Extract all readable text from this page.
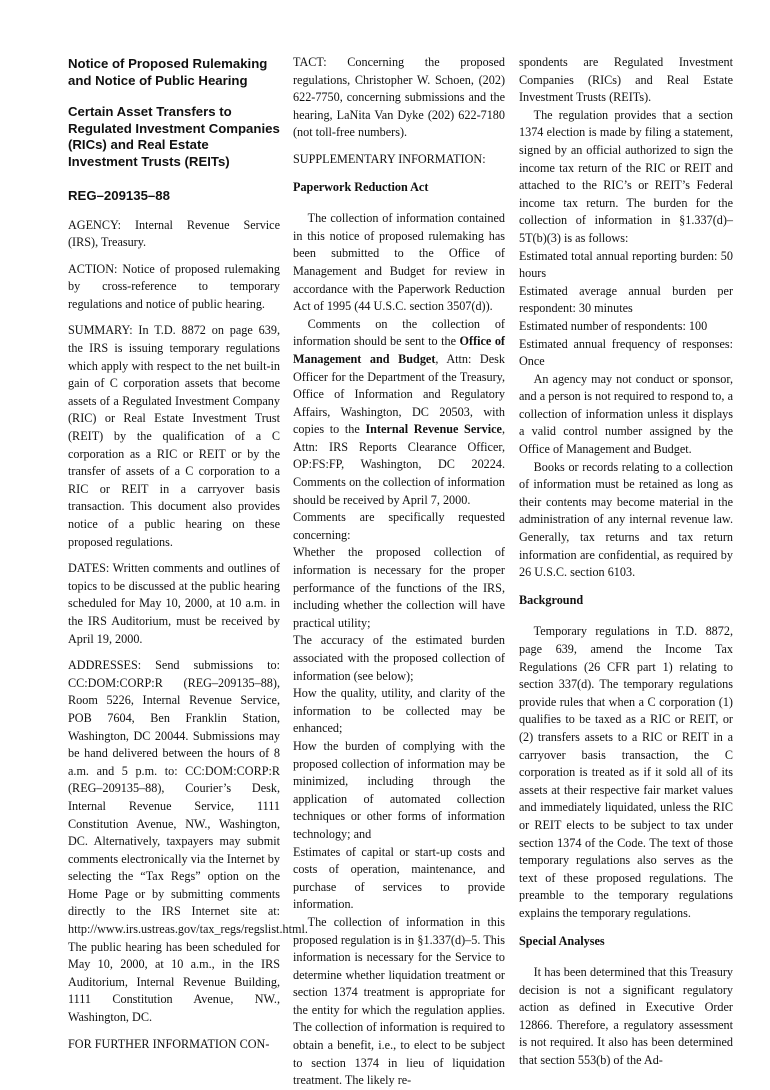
Notice of Proposed Rulemaking and Notice of Public Hearing
Certain Asset Transfers to Regulated Investment Companies (RICs) and Real Estate Investment Trusts (REITs)
REG–209135–88

AGENCY: Internal Revenue Service (IRS), Treasury.

ACTION: Notice of proposed rulemaking by cross-reference to temporary regulations and notice of public hearing.

SUMMARY: In T.D. 8872 on page 639, the IRS is issuing temporary regulations which apply with respect to the net built-in gain of C corporation assets that become assets of a Regulated Investment Company (RIC) or Real Estate Investment Trust (REIT) by the qualification of a C corporation as a RIC or REIT or by the transfer of assets of a C corporation to a RIC or REIT in a carryover basis transaction. This document also provides notice of a public hearing on these proposed regulations.

DATES: Written comments and outlines of topics to be discussed at the public hearing scheduled for May 10, 2000, at 10 a.m. in the IRS Auditorium, must be received by April 19, 2000.

ADDRESSES: Send submissions to: CC:DOM:CORP:R (REG–209135–88), Room 5226, Internal Revenue Service, POB 7604, Ben Franklin Station, Washington, DC 20044. Submissions may be hand delivered between the hours of 8 a.m. and 5 p.m. to: CC:DOM:CORP:R (REG–209135–88), Courier’s Desk, Internal Revenue Service, 1111 Constitution Avenue, NW., Washington, DC. Alternatively, taxpayers may submit comments electronically via the Internet by selecting the “Tax Regs” option on the Home Page or by submitting comments directly to the IRS Internet site at: http://www.irs.ustreas.gov/tax_regs/regslist.html. The public hearing has been scheduled for May 10, 2000, at 10 a.m., in the IRS Auditorium, Internal Revenue Building, 1111 Constitution Avenue, NW., Washington, DC.

FOR FURTHER INFORMATION CON-

TACT: Concerning the proposed regulations, Christopher W. Schoen, (202) 622-7750, concerning submissions and the hearing, LaNita Van Dyke (202) 622-7180 (not toll-free numbers).

SUPPLEMENTARY INFORMATION:

Paperwork Reduction Act

The collection of information contained in this notice of proposed rulemaking has been submitted to the Office of Management and Budget for review in accordance with the Paperwork Reduction Act of 1995 (44 U.S.C. section 3507(d)).

Comments on the collection of information should be sent to the Office of Management and Budget, Attn: Desk Officer for the Department of the Treasury, Office of Information and Regulatory Affairs, Washington, DC 20503, with copies to the Internal Revenue Service, Attn: IRS Reports Clearance Officer, OP:FS:FP, Washington, DC 20224. Comments on the collection of information should be received by April 7, 2000.

Comments are specifically requested concerning:

Whether the proposed collection of information is necessary for the proper performance of the functions of the IRS, including whether the collection will have practical utility;

The accuracy of the estimated burden associated with the proposed collection of information (see below);

How the quality, utility, and clarity of the information to be collected may be enhanced;

How the burden of complying with the proposed collection of information may be minimized, including through the application of automated collection techniques or other forms of information technology; and

Estimates of capital or start-up costs and costs of operation, maintenance, and purchase of services to provide information.

The collection of information in this proposed regulation is in §1.337(d)–5. This information is necessary for the Service to determine whether liquidation treatment or section 1374 treatment is appropriate for the entity for which the regulation applies. The collection of information is required to obtain a benefit, i.e., to elect to be subject to section 1374 in lieu of liquidation treatment. The likely re-

spondents are Regulated Investment Companies (RICs) and Real Estate Investment Trusts (REITs).

The regulation provides that a section 1374 election is made by filing a statement, signed by an official authorized to sign the income tax return of the RIC or REIT and attached to the RIC’s or REIT’s Federal income tax return. The burden for the collection of information in §1.337(d)–5T(b)(3) is as follows:

Estimated total annual reporting burden: 50 hours

Estimated average annual burden per respondent: 30 minutes

Estimated number of respondents: 100

Estimated annual frequency of responses: Once

An agency may not conduct or sponsor, and a person is not required to respond to, a collection of information unless it displays a valid control number assigned by the Office of Management and Budget.

Books or records relating to a collection of information must be retained as long as their contents may become material in the administration of any internal revenue law. Generally, tax returns and tax return information are confidential, as required by 26 U.S.C. section 6103.

Background

Temporary regulations in T.D. 8872, page 639, amend the Income Tax Regulations (26 CFR part 1) relating to section 337(d). The temporary regulations provide rules that when a C corporation (1) qualifies to be taxed as a RIC or REIT, or (2) transfers assets to a RIC or REIT in a carryover basis transaction, the C corporation is treated as if it sold all of its assets at their respective fair market values and immediately liquidated, unless the RIC or REIT elects to be subject to tax under section 1374 of the Code. The text of those temporary regulations also serves as the text of these proposed regulations. The preamble to the temporary regulations explains the temporary regulations.

Special Analyses

It has been determined that this Treasury decision is not a significant regulatory action as defined in Executive Order 12866. Therefore, a regulatory assessment is not required. It also has been determined that section 553(b) of the Ad-
